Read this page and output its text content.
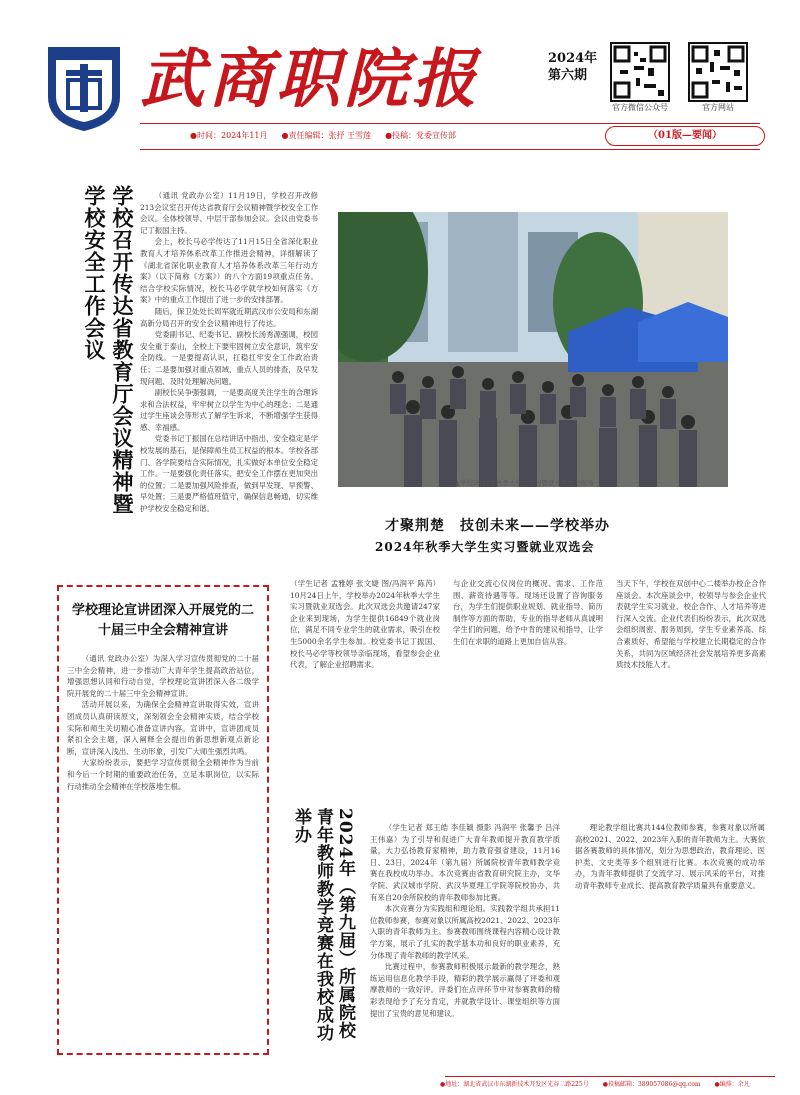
武商职院报	2024年
第六期
官方微信公众号	官方网站
●时间：2024年11月 ●责任编辑：张抒 王雪莲 ●投稿：党委宣传部	（01版—要闻）
学校召开传达省教育厅会议精神暨学校安全工作会议	（通讯 党政办公室）11月19日，学校召开改修213会议室召开传达省教育厅会议精神暨学校安全工作会议。全体校领导、中层干部参加会议。会议由党委书记丁振国主持。

会上，校长马必学传达了11月15日全省深化职业教育人才培养体系改革工作推进会精神，详细解读了《湖北省深化职业教育人才培养体系改革三年行动方案》（以下简称《方案》）的八个方面19项重点任务。结合学校实际情况，校长马必学就学校如何落实《方案》中的重点工作提出了进一步的安排部署。

随后，保卫处处长周军就近期武汉市公安局和东湖高新分局召开的安全会议精神进行了传达。

党委副书记、纪委书记、副校长汤秀源强调，校园安全重于泰山，全校上下要牢固树立安全意识，筑牢安全防线。一是要提高认识，扛稳扛牢安全工作政治责任；二是要加强对重点领域、重点人员的排查，及早发现问题、及时处理解决问题。

副校长吴争强强调，一是要高度关注学生的合理诉求和合法权益，牢牢树立以学生为中心的理念；二是通过学生座谈会等形式了解学生诉求，不断增强学生获得感、幸福感。

党委书记丁振国在总结讲话中指出，安全稳定是学校发展的基石，是保障师生员工权益的根本。学校各部门、各学院要结合实际情况，扎实做好本单位安全稳定工作。一是要强化责任落实，把安全工作摆在更加突出的位置；二是要加强风险排查，做到早发现、早预警、早处置；三是要严格值班值守，确保信息畅通，切实维护学校安全稳定和谐。

▲学校2024年秋季大学生实习暨就业双选会现场
才聚荆楚　技创未来——学校举办
2024年秋季大学生实习暨就业双选会
学校理论宣讲团深入开展党的二十届三中全会精神宣讲

（通讯 党政办公室）为深入学习宣传贯彻党的二十届三中全会精神，进一步推动广大青年学生提高政治站位，增强思想认同和行动自觉，学校理论宣讲团深入各二级学院开展党的二十届三中全会精神宣讲。

活动开展以来，为确保全会精神宣讲取得实效，宣讲团成员认真研读原文，深刻领会全会精神实质，结合学校实际和师生关切精心准备宣讲内容。宣讲中，宣讲团成员紧扣全会主题，深入阐释全会提出的新思想新观点新论断，宣讲深入浅出、生动形象，引发广大师生强烈共鸣。

大家纷纷表示，要把学习宣传贯彻全会精神作为当前和今后一个时期的重要政治任务，立足本职岗位，以实际行动推动全会精神在学校落地生根。

（学生记者 孟雅婷 张文婕 图/冯润平 陈芮）10月24日上午，学校举办2024年秋季大学生实习暨就业双选会。此次双选会共邀请247家企业来到现场，为学生提供16849个就业岗位，满足不同专业学生的就业需求，吸引在校生5000余名学生参加。校党委书记丁振国、校长马必学等校领导亲临现场，看望参会企业代表，了解企业招聘需求。
与企业交流心仪岗位的概况、需求、工作范围、薪资待遇等等。现场还设置了咨询服务台，为学生们提供职业规划、就业指导、简历制作等方面的帮助，专业的指导老师从真诚明学生们的问题，给予中肯的建议和指导，让学生们在求职的道路上更加自信从容。
当天下午，学校在双创中心二楼举办校企合作座谈会。本次座谈会中，校领导与参会企业代表就学生实习就业、校企合作、人才培养等进行深入交流。企业代表们纷纷表示，此次双选会组织周密、服务周到，学生专业素养高、综合素质好，希望能与学校建立长期稳定的合作关系，共同为区域经济社会发展培养更多高素质技术技能人才。
2024年（第九届）所属院校青年教师教学竞赛在我校成功举办	（学生记者 郑王皓 李佳颖 摄影 冯润平 张馨予 吕洋 王伟嘉）为了引导和促进广大青年教师提升教育教学质量，大力弘扬教育家精神，助力教育强省建设，11月16日、23日，2024年（第九届）所属院校青年教师教学竞赛在我校成功举办。本次竞赛由省教育研究院主办，文华学院、武汉城市学院、武汉华夏理工学院等院校协办，共有来自20余所院校的青年教师参加比赛。

本次竞赛分为实践组和理论组。实践教学组共承担11位教师参赛，参赛对象以所属高校2021、2022、2023年入职的青年教师为主。参赛教师围绕课程内容精心设计教学方案，展示了扎实的教学基本功和良好的职业素养，充分体现了青年教师的教学风采。

比赛过程中，参赛教师积极展示最新的教学理念，熟练运用信息化教学手段，精彩的教学展示赢得了评委和观摩教师的一致好评。评委们在点评环节中对参赛教师的精彩表现给予了充分肯定，并就教学设计、课堂组织等方面提出了宝贵的意见和建议。

理论教学组比赛共144位教师参赛，参赛对象以所属高校2021、2022、2023年入职的青年教师为主。大赛依据各赛教师的具体情况，划分为思想政治、教育理论、医护类、文史类等多个组别进行比赛。本次竞赛的成功举办，为青年教师提供了交流学习、展示风采的平台，对推动青年教师专业成长、提高教育教学质量具有重要意义。

●地址：湖北省武汉市东湖新技术开发区光谷二路225号 ●投稿邮箱：389057086@qq.com ●编排：余凡
